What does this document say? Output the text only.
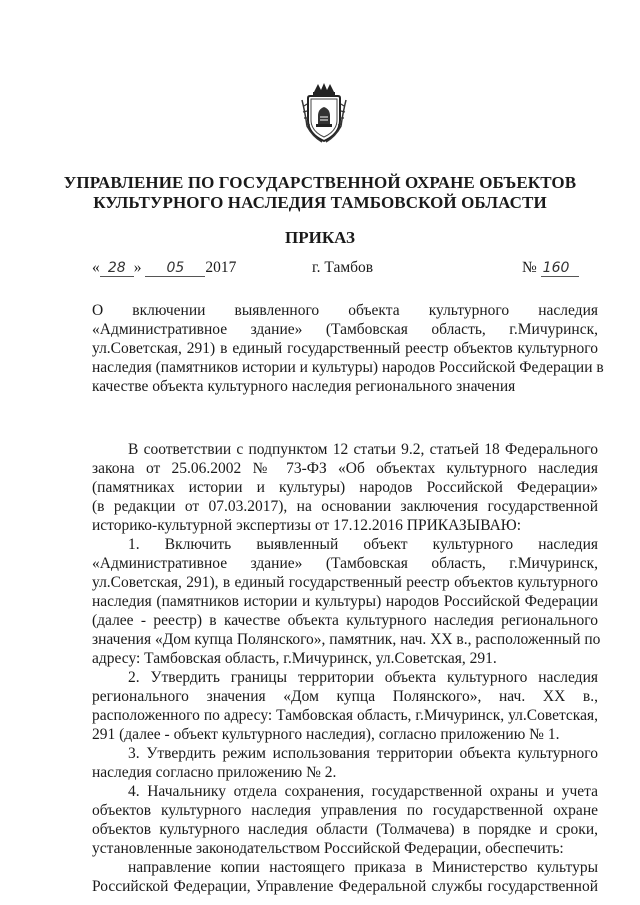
УПРАВЛЕНИЕ ПО ГОСУДАРСТВЕННОЙ ОХРАНЕ ОБЪЕКТОВ
КУЛЬТУРНОГО НАСЛЕДИЯ ТАМБОВСКОЙ ОБЛАСТИ
ПРИКАЗ
« 28 » 05 2017	г. Тамбов	№ 160
О включении выявленного объекта культурного наследия
«Административное здание» (Тамбовская область, г.Мичуринск,
ул.Советская, 291) в единый государственный реестр объектов культурного
наследия (памятников истории и культуры) народов Российской Федерации в
качестве объекта культурного наследия регионального значения
В соответствии с подпунктом 12 статьи 9.2, статьей 18 Федерального
закона от 25.06.2002 № 73-ФЗ «Об объектах культурного наследия
(памятниках истории и культуры) народов Российской Федерации»
(в редакции от 07.03.2017), на основании заключения государственной
историко-культурной экспертизы от 17.12.2016 ПРИКАЗЫВАЮ:
1. Включить выявленный объект культурного наследия
«Административное здание» (Тамбовская область, г.Мичуринск,
ул.Советская, 291), в единый государственный реестр объектов культурного
наследия (памятников истории и культуры) народов Российской Федерации
(далее - реестр) в качестве объекта культурного наследия регионального
значения «Дом купца Полянского», памятник, нач. XX в., расположенный по
адресу: Тамбовская область, г.Мичуринск, ул.Советская, 291.
2. Утвердить границы территории объекта культурного наследия
регионального значения «Дом купца Полянского», нач. XX в.,
расположенного по адресу: Тамбовская область, г.Мичуринск, ул.Советская,
291 (далее - объект культурного наследия), согласно приложению № 1.
3. Утвердить режим использования территории объекта культурного
наследия согласно приложению № 2.
4. Начальнику отдела сохранения, государственной охраны и учета
объектов культурного наследия управления по государственной охране
объектов культурного наследия области (Толмачева) в порядке и сроки,
установленные законодательством Российской Федерации, обеспечить:
направление копии настоящего приказа в Министерство культуры
Российской Федерации, Управление Федеральной службы государственной
